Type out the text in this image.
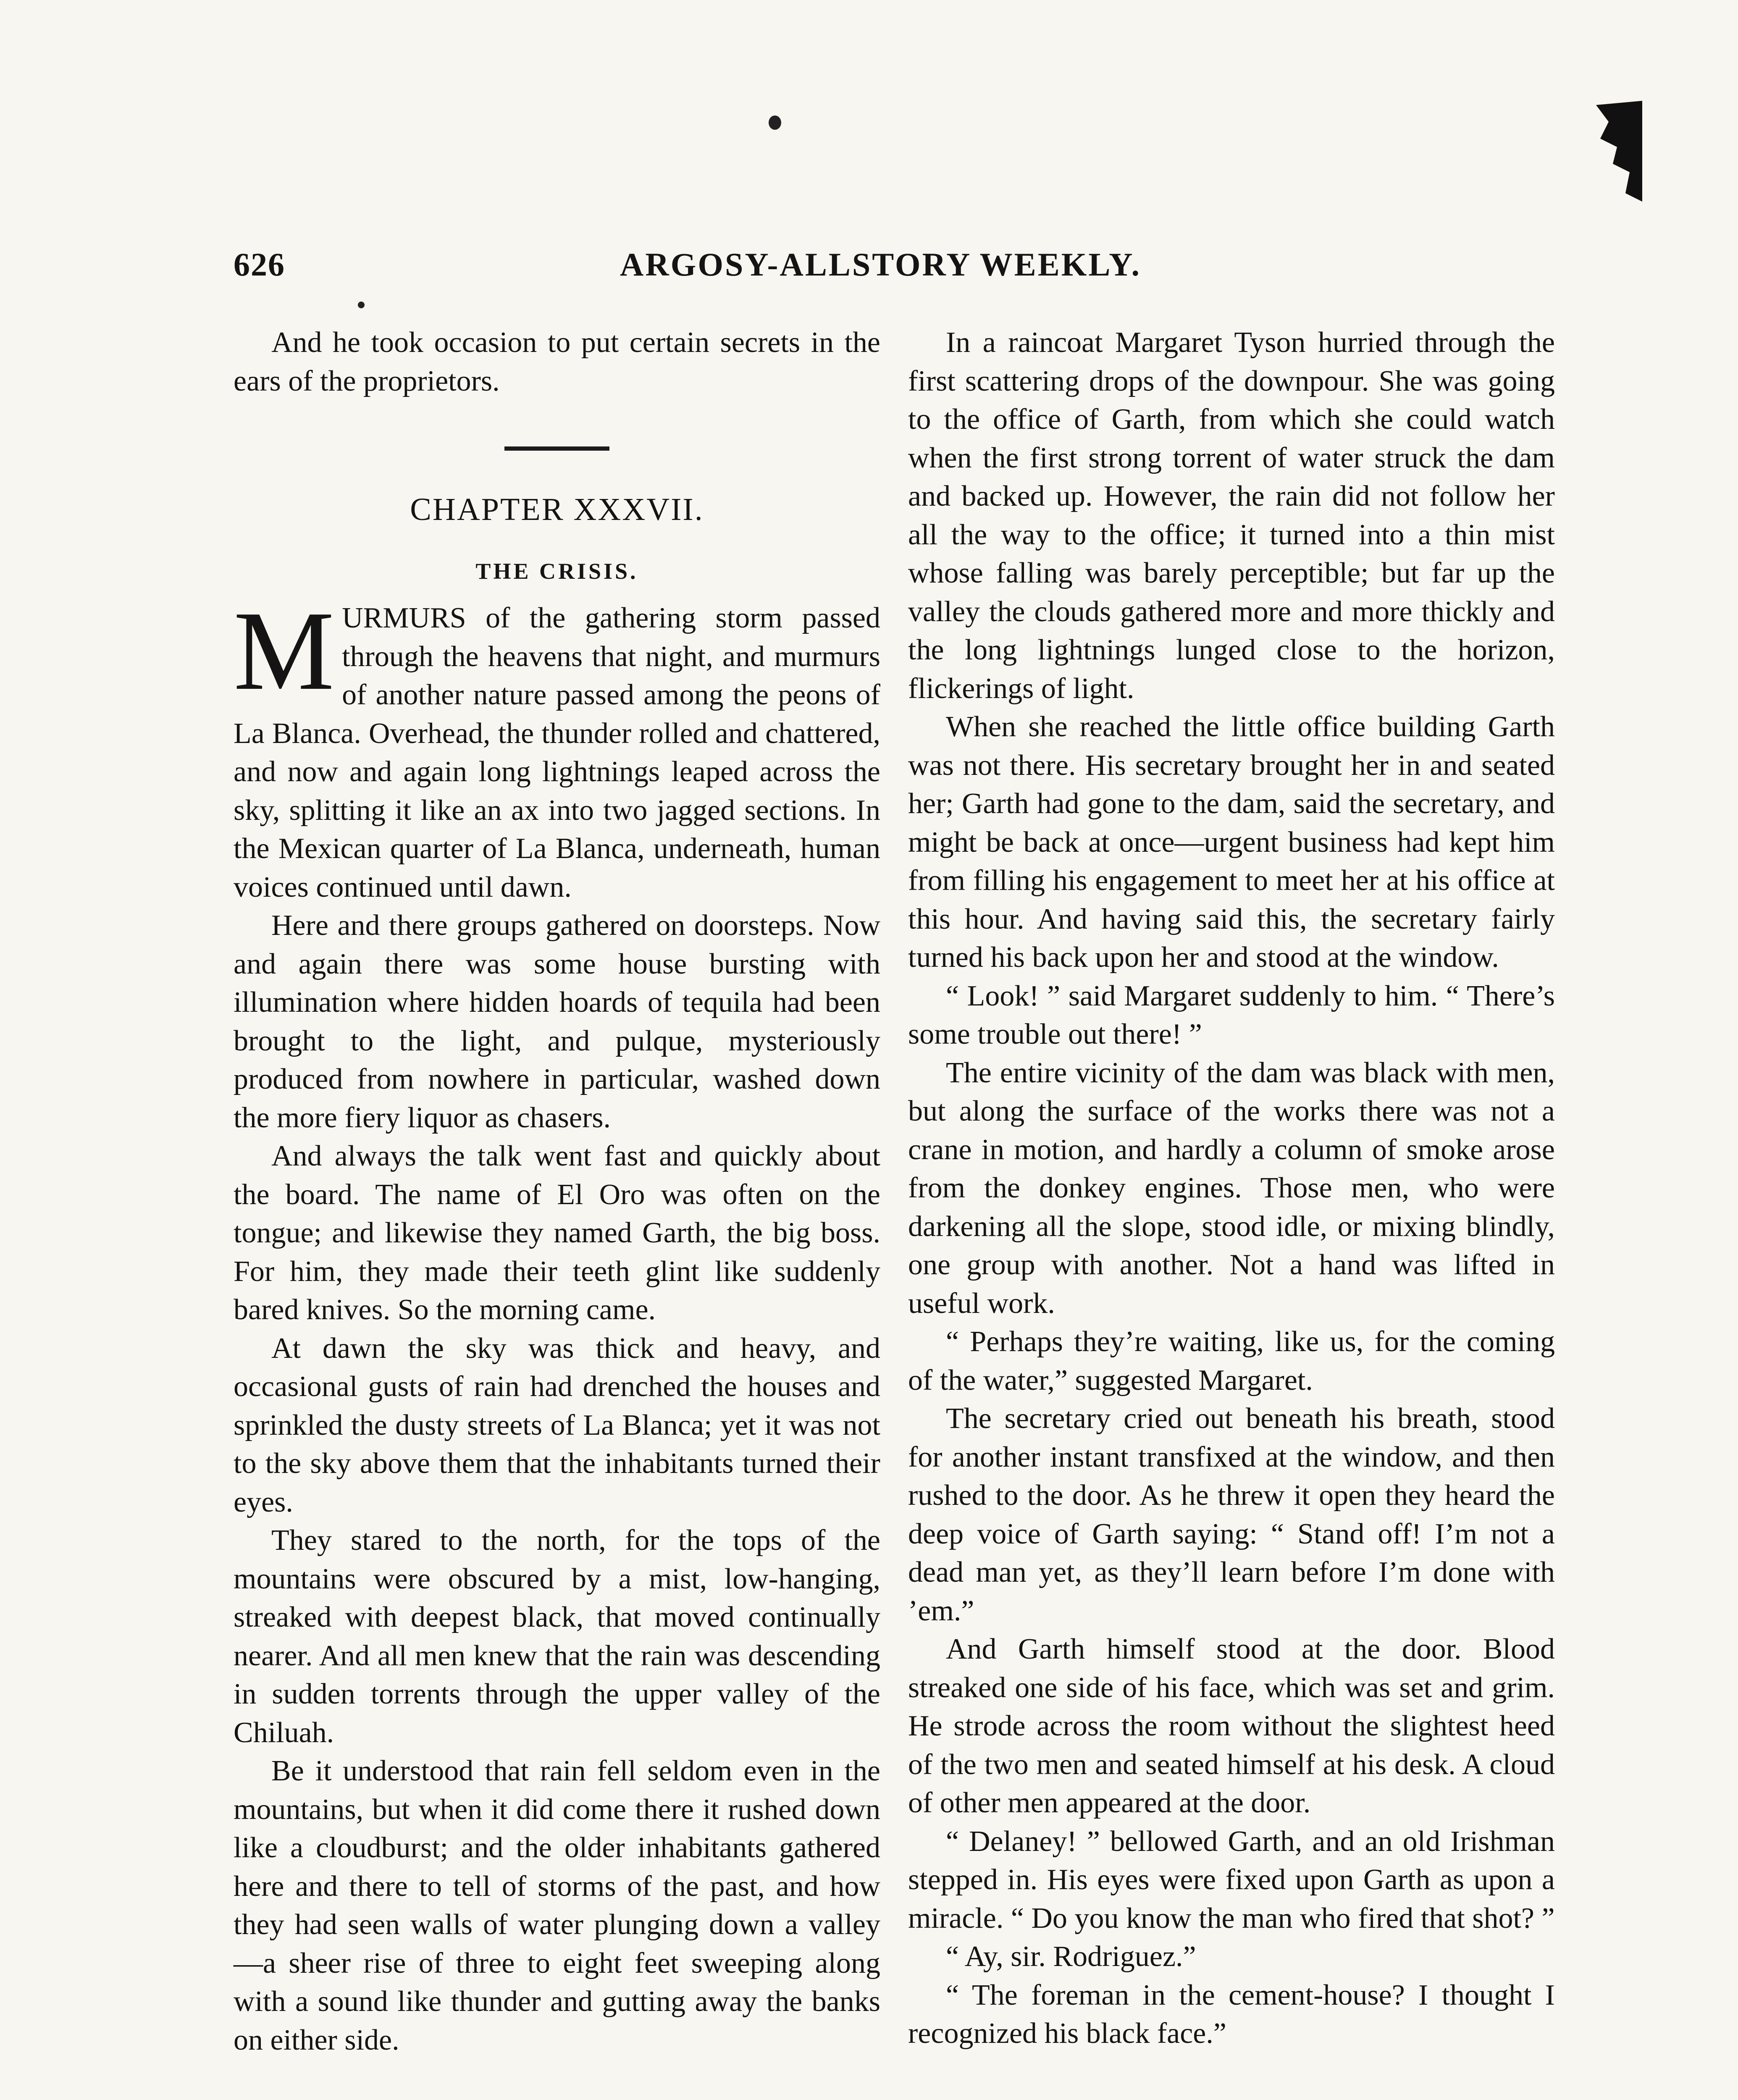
626	ARGOSY-ALLSTORY WEEKLY.

And he took occasion to put certain secrets in the ears of the proprietors.

CHAPTER XXXVII.
THE CRISIS.

MURMURS of the gathering storm passed through the heavens that night, and murmurs of another nature passed among the peons of La Blanca. Overhead, the thunder rolled and chattered, and now and again long lightnings leaped across the sky, splitting it like an ax into two jagged sections. In the Mexican quarter of La Blanca, underneath, human voices continued until dawn.

Here and there groups gathered on doorsteps. Now and again there was some house bursting with illumination where hidden hoards of tequila had been brought to the light, and pulque, mysteriously produced from nowhere in particular, washed down the more fiery liquor as chasers.

And always the talk went fast and quickly about the board. The name of El Oro was often on the tongue; and likewise they named Garth, the big boss. For him, they made their teeth glint like suddenly bared knives. So the morning came.

At dawn the sky was thick and heavy, and occasional gusts of rain had drenched the houses and sprinkled the dusty streets of La Blanca; yet it was not to the sky above them that the inhabitants turned their eyes.

They stared to the north, for the tops of the mountains were obscured by a mist, low-hanging, streaked with deepest black, that moved continually nearer. And all men knew that the rain was descending in sudden torrents through the upper valley of the Chiluah.

Be it understood that rain fell seldom even in the mountains, but when it did come there it rushed down like a cloudburst; and the older inhabitants gathered here and there to tell of storms of the past, and how they had seen walls of water plunging down a valley—a sheer rise of three to eight feet sweeping along with a sound like thunder and gutting away the banks on either side.

In a raincoat Margaret Tyson hurried through the first scattering drops of the downpour. She was going to the office of Garth, from which she could watch when the first strong torrent of water struck the dam and backed up. However, the rain did not follow her all the way to the office; it turned into a thin mist whose falling was barely perceptible; but far up the valley the clouds gathered more and more thickly and the long lightnings lunged close to the horizon, flickerings of light.

When she reached the little office building Garth was not there. His secretary brought her in and seated her; Garth had gone to the dam, said the secretary, and might be back at once—urgent business had kept him from filling his engagement to meet her at his office at this hour. And having said this, the secretary fairly turned his back upon her and stood at the window.

“ Look! ” said Margaret suddenly to him. “ There’s some trouble out there! ”

The entire vicinity of the dam was black with men, but along the surface of the works there was not a crane in motion, and hardly a column of smoke arose from the donkey engines. Those men, who were darkening all the slope, stood idle, or mixing blindly, one group with another. Not a hand was lifted in useful work.

“ Perhaps they’re waiting, like us, for the coming of the water,” suggested Margaret.

The secretary cried out beneath his breath, stood for another instant transfixed at the window, and then rushed to the door. As he threw it open they heard the deep voice of Garth saying: “ Stand off! I’m not a dead man yet, as they’ll learn before I’m done with ’em.”

And Garth himself stood at the door. Blood streaked one side of his face, which was set and grim. He strode across the room without the slightest heed of the two men and seated himself at his desk. A cloud of other men appeared at the door.

“ Delaney! ” bellowed Garth, and an old Irishman stepped in. His eyes were fixed upon Garth as upon a miracle. “ Do you know the man who fired that shot? ”

“ Ay, sir. Rodriguez.”

“ The foreman in the cement-house? I thought I recognized his black face.”
